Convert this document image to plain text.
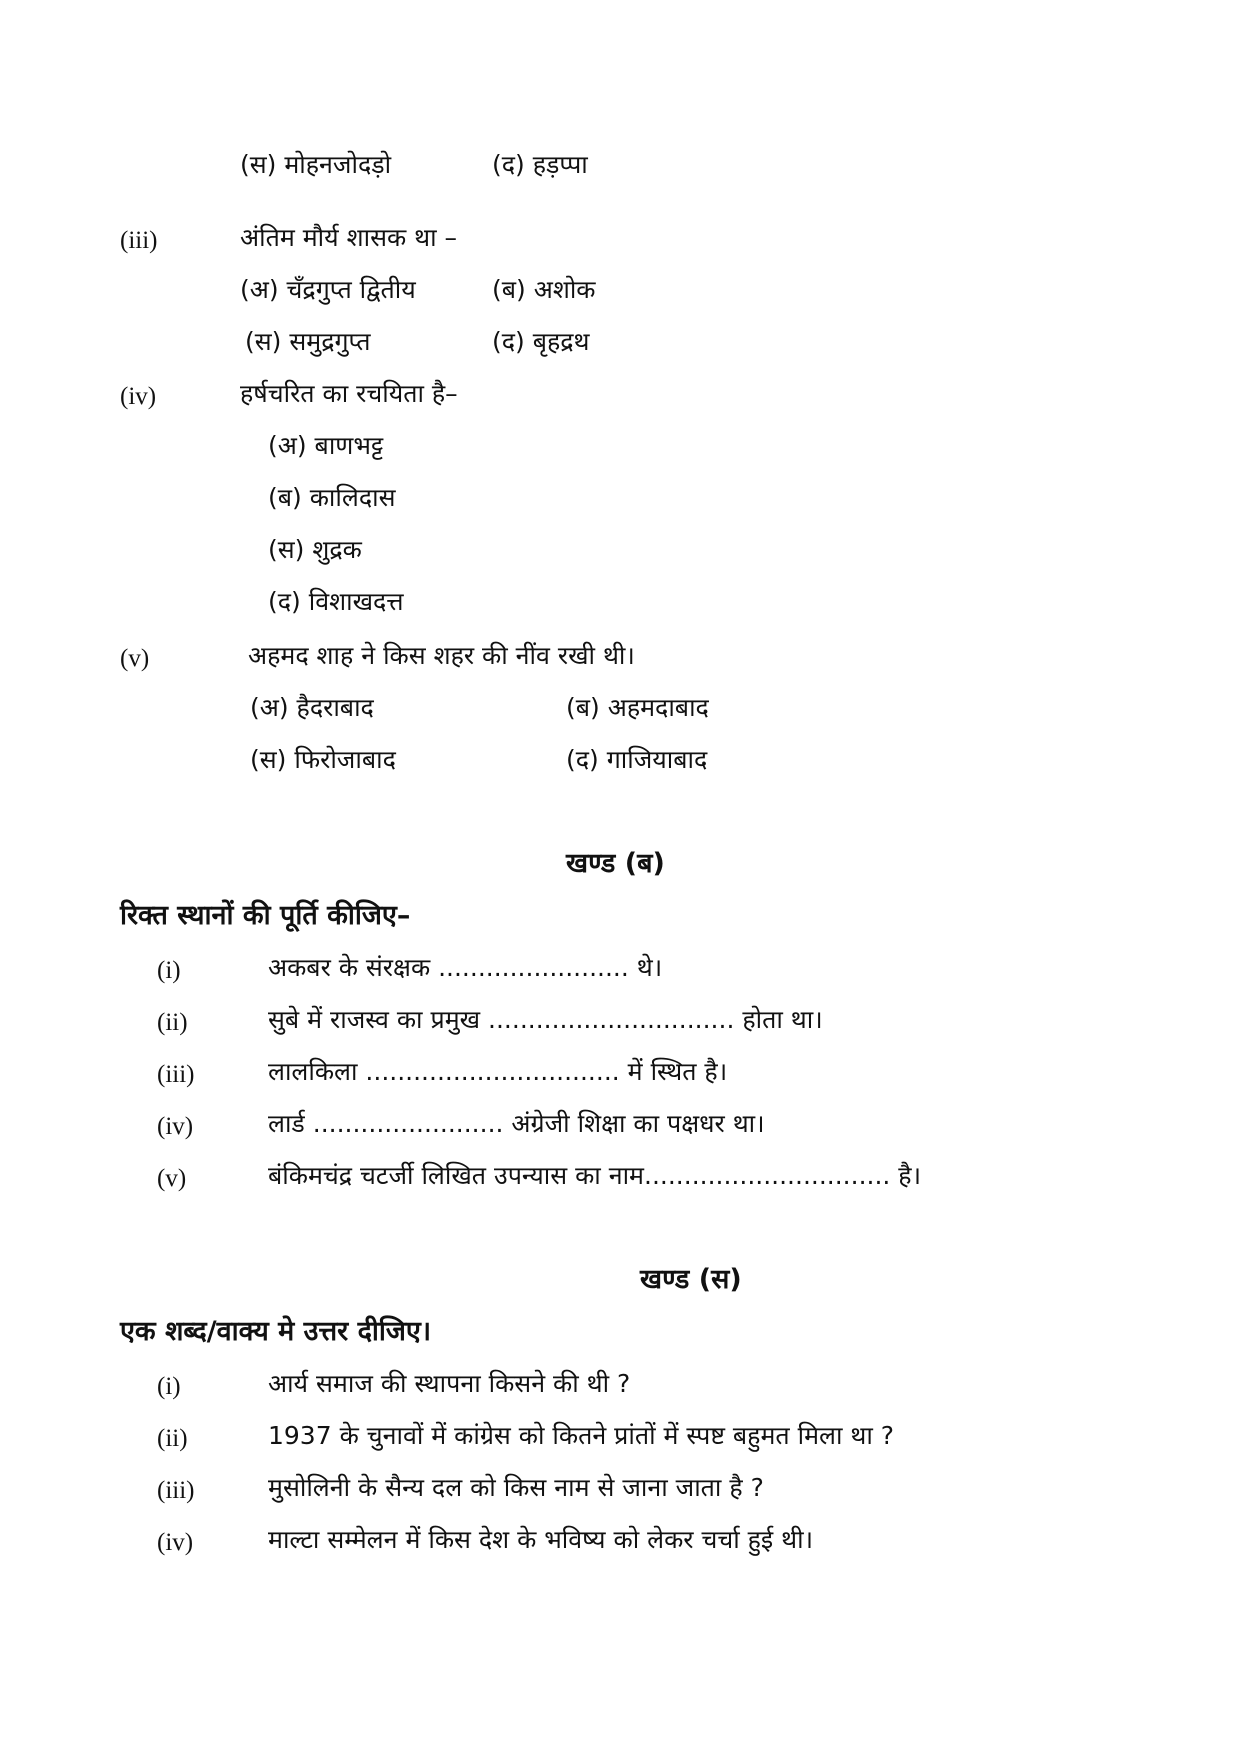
(स) मोहनजोदड़ो	(द) हड़प्पा
(iii)	अंतिम मौर्य शासक था –
(अ) चँद्रगुप्त द्वितीय	(ब) अशोक
(स) समुद्रगुप्त	(द) बृहद्रथ
(iv)	हर्षचरित का रचयिता है–
(अ) बाणभट्ट
(ब) कालिदास
(स) शुद्रक
(द) विशाखदत्त
(v)	अहमद शाह ने किस शहर की नींव रखी थी।
(अ) हैदराबाद	(ब) अहमदाबाद
(स) फिरोजाबाद	(द) गाजियाबाद
खण्ड (ब)
रिक्त स्थानों की पूर्ति कीजिए–
(i)	अकबर के संरक्षक ........................ थे।
(ii)	सुबे में राजस्व का प्रमुख ............................... होता था।
(iii)	लालकिला ................................ में स्थित है।
(iv)	लार्ड ........................ अंग्रेजी शिक्षा का पक्षधर था।
(v)	बंकिमचंद्र चटर्जी लिखित उपन्यास का नाम............................... है।
खण्ड (स)
एक शब्द/वाक्य मे उत्तर दीजिए।
(i)	आर्य समाज की स्थापना किसने की थी ?
(ii)	1937 के चुनावों में कांग्रेस को कितने प्रांतों में स्पष्ट बहुमत मिला था ?
(iii)	मुसोलिनी के सैन्य दल को किस नाम से जाना जाता है ?
(iv)	माल्टा सम्मेलन में किस देश के भविष्य को लेकर चर्चा हुई थी।
